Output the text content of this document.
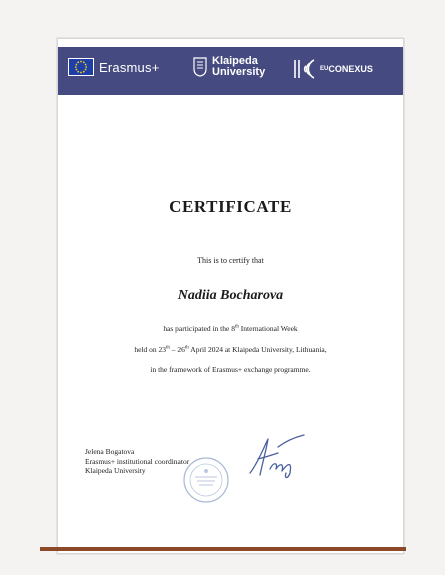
Erasmus+	Klaipeda
University	$^{EU}$CONEXUS
CERTIFICATE
This is to certify that
Nadiia Bocharova
has participated in the 8th International Week
held on 23th – 26th April 2024 at Klaipeda University, Lithuania,
in the framework of Erasmus+ exchange programme.
Jelena Bogatova
Erasmus+ institutional coordinator
Klaipeda University
